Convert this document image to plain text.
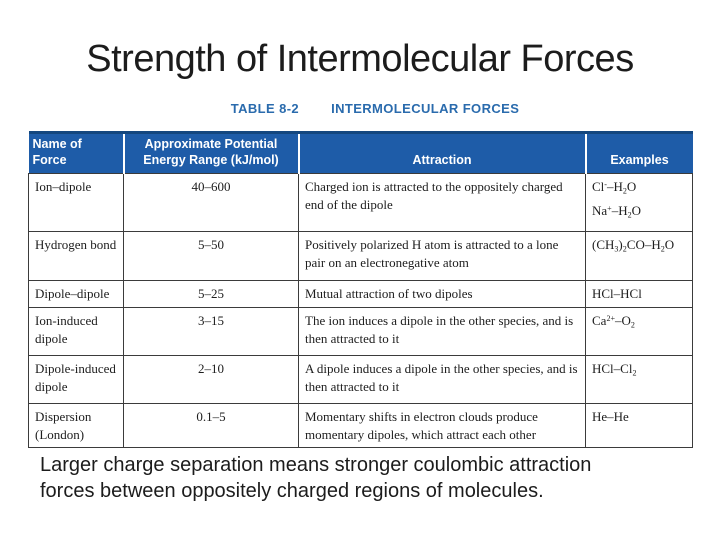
Strength of Intermolecular Forces
TABLE 8-2 INTERMOLECULAR FORCES
Name of Force	Approximate Potential Energy Range (kJ/mol)	Attraction	Examples
Ion–dipole	40–600	Charged ion is attracted to the oppositely charged end of the dipole	$Cl^--H_2O$
$Na^+-H_2O$

Hydrogen bond	5–50	Positively polarized H atom is attracted to a lone pair on an electronegative atom	$(CH_3)_2CO-H_2O$

Dipole–dipole	5–25	Mutual attraction of two dipoles	HCl–HCl

Ion-induced dipole	3–15	The ion induces a dipole in the other species, and is then attracted to it	$Ca^{2+}-O_2$

Dipole-induced dipole	2–10	A dipole induces a dipole in the other species, and is then attracted to it	HCl–$Cl_2$

Dispersion (London)	0.1–5	Momentary shifts in electron clouds produce momentary dipoles, which attract each other	He–He

Larger charge separation means stronger coulombic attraction
forces between oppositely charged regions of molecules.
